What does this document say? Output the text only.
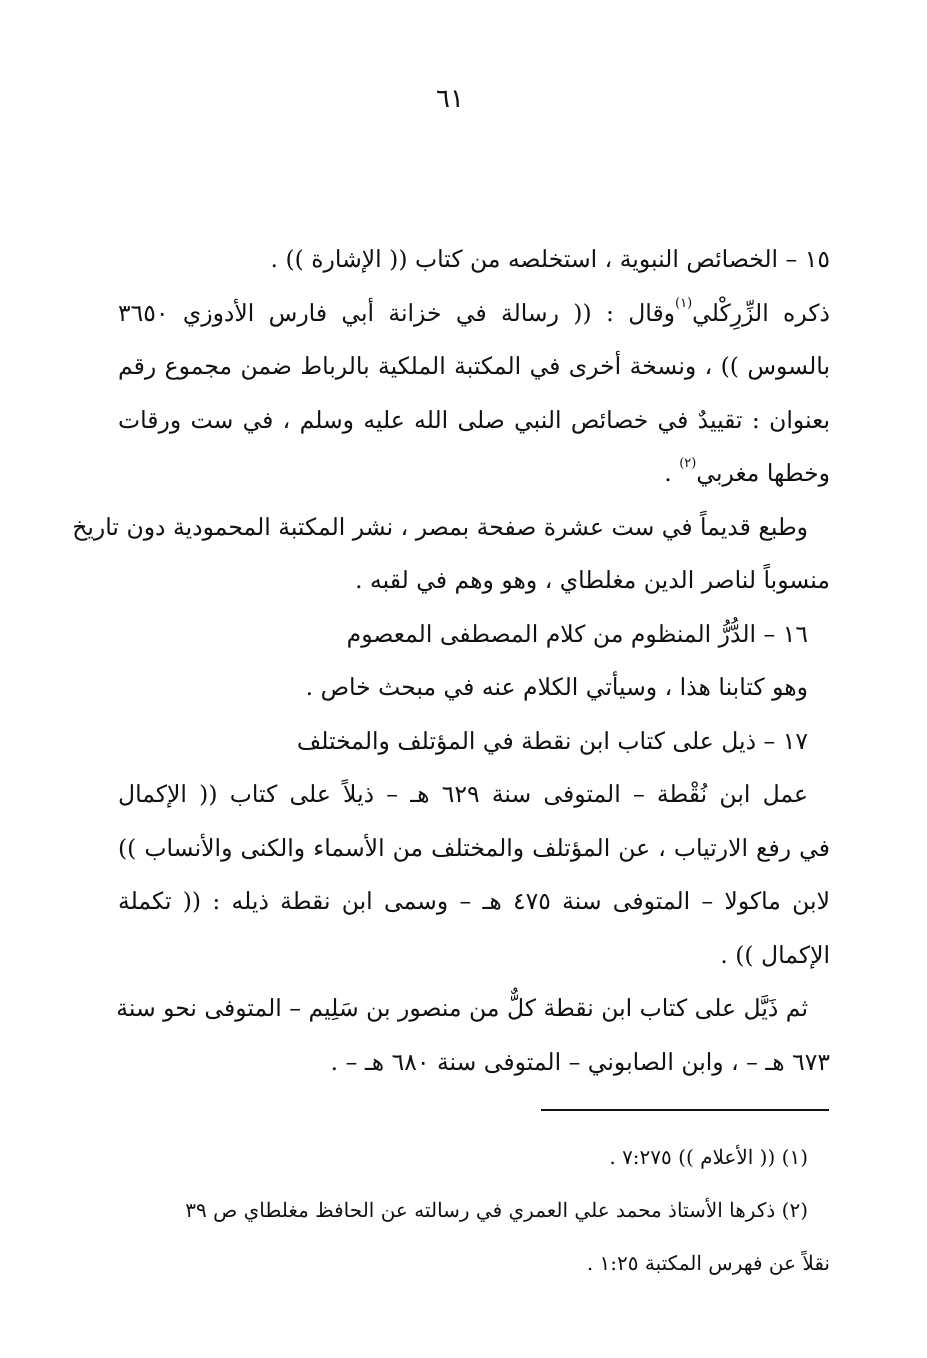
٦١
١٥ – الخصائص النبوية ، استخلصه من كتاب (( الإشارة )) .
ذكره الزِّرِكْلي$^{(١)}$وقال : (( رسالة في خزانة أبي فارس الأدوزي ٣٦٥٠
بالسوس )) ، ونسخة أخرى في المكتبة الملكية بالرباط ضمن مجموع رقم
بعنوان : تقييدٌ في خصائص النبي صلى الله عليه وسلم ، في ست ورقات
وخطها مغربي$^{(٢)}$ .
وطبع قديماً في ست عشرة صفحة بمصر ، نشر المكتبة المحمودية دون تاريخ
منسوباً لناصر الدين مغلطاي ، وهو وهم في لقبه .
١٦ – الدُّرُّ المنظوم من كلام المصطفى المعصوم
وهو كتابنا هذا ، وسيأتي الكلام عنه في مبحث خاص .
١٧ – ذيل على كتاب ابن نقطة في المؤتلف والمختلف
عمل ابن نُقْطة – المتوفى سنة ٦٢٩ هـ – ذيلاً على كتاب (( الإكمال
في رفع الارتياب ، عن المؤتلف والمختلف من الأسماء والكنى والأنساب ))
لابن ماكولا – المتوفى سنة ٤٧٥ هـ – وسمى ابن نقطة ذيله : (( تكملة
الإكمال )) .
ثم ذَيَّل على كتاب ابن نقطة كلٌّ من منصور بن سَلِيم – المتوفى نحو سنة
٦٧٣ هـ – ، وابن الصابوني – المتوفى سنة ٦٨٠ هـ – .
(١) (( الأعلام )) ٧:٢٧٥ .
(٢) ذكرها الأستاذ محمد علي العمري في رسالته عن الحافظ مغلطاي ص ٣٩
نقلاً عن فهرس المكتبة ١:٢٥ .
